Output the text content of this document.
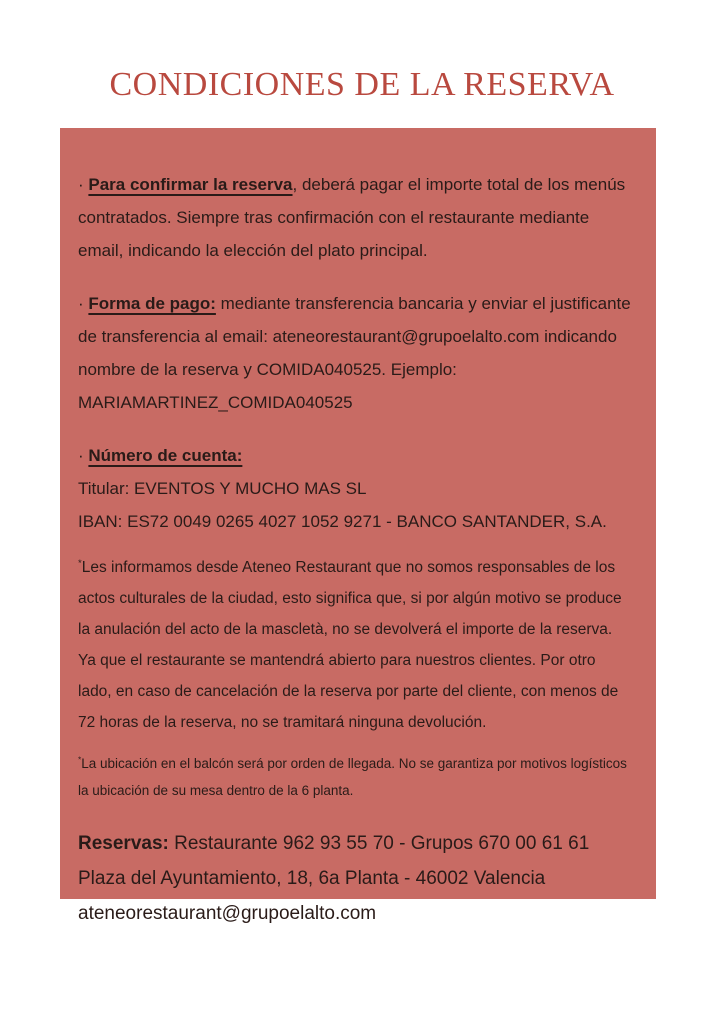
CONDICIONES DE LA RESERVA

· Para confirmar la reserva, deberá pagar el importe total de los menús contratados. Siempre tras confirmación con el restaurante mediante email, indicando la elección del plato principal.

· Forma de pago: mediante transferencia bancaria y enviar el justificante de transferencia al email: ateneorestaurant@grupoelalto.com indicando nombre de la reserva y COMIDA040525. Ejemplo: MARIAMARTINEZ_COMIDA040525

· Número de cuenta:

Titular: EVENTOS Y MUCHO MAS SL

IBAN: ES72 0049 0265 4027 1052 9271 - BANCO SANTANDER, S.A.

*Les informamos desde Ateneo Restaurant que no somos responsables de los actos culturales de la ciudad, esto significa que, si por algún motivo se produce la anulación del acto de la mascletà, no se devolverá el importe de la reserva. Ya que el restaurante se mantendrá abierto para nuestros clientes. Por otro lado, en caso de cancelación de la reserva por parte del cliente, con menos de 72 horas de la reserva, no se tramitará ninguna devolución.

*La ubicación en el balcón será por orden de llegada. No se garantiza por motivos logísticos la ubicación de su mesa dentro de la 6 planta.

Reservas: Restaurante 962 93 55 70 - Grupos 670 00 61 61

Plaza del Ayuntamiento, 18, 6a Planta - 46002 Valencia

ateneorestaurant@grupoelalto.com
